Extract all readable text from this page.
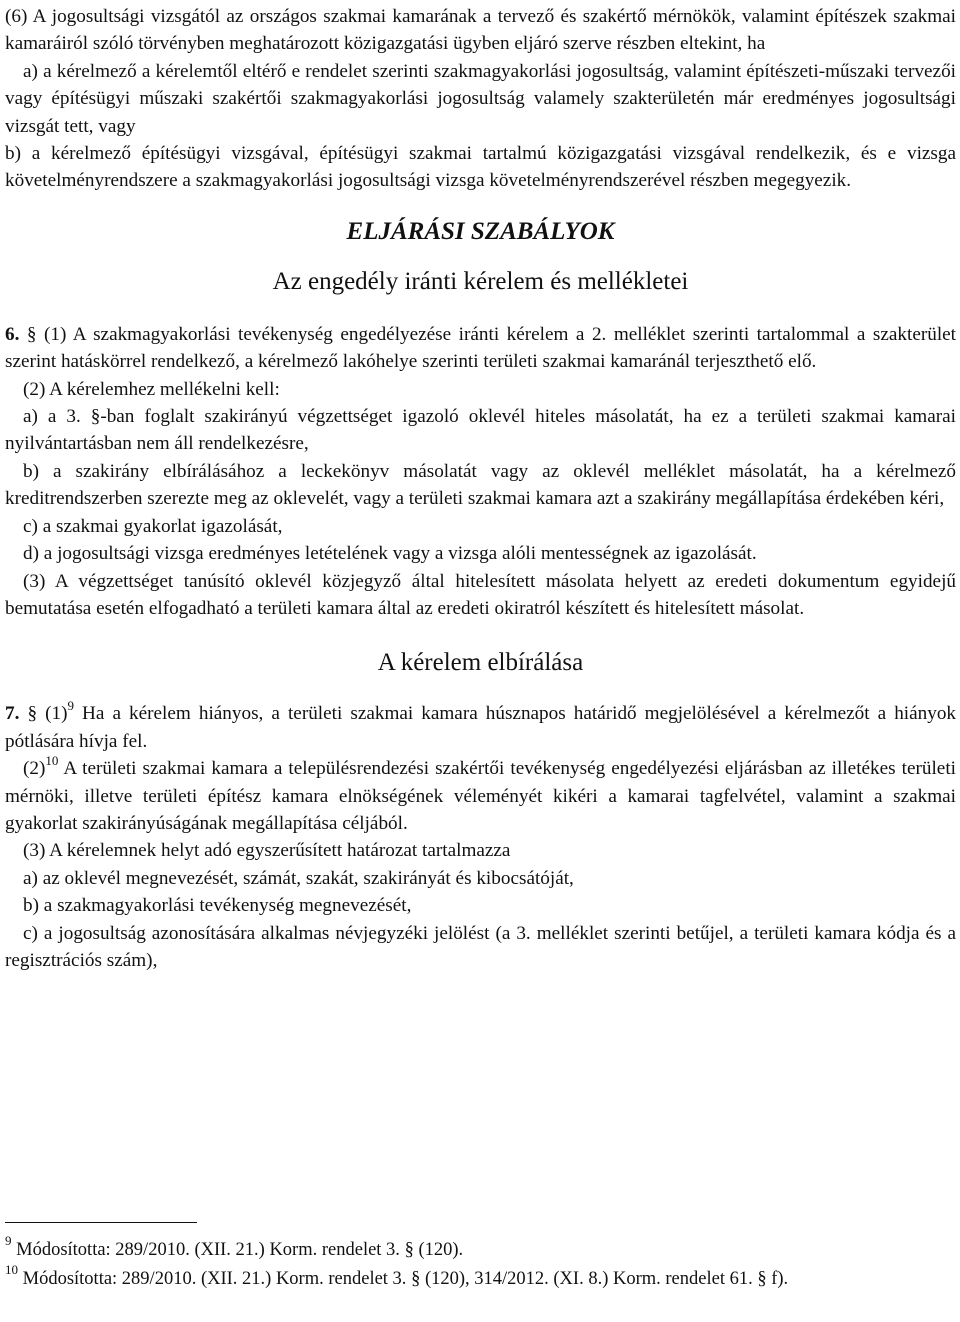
(6) A jogosultsági vizsgától az országos szakmai kamarának a tervező és szakértő mérnökök, valamint építészek szakmai kamaráiról szóló törvényben meghatározott közigazgatási ügyben eljáró szerve részben eltekint, ha
a) a kérelmező a kérelemtől eltérő e rendelet szerinti szakmagyakorlási jogosultság, valamint építészeti-műszaki tervezői vagy építésügyi műszaki szakértői szakmagyakorlási jogosultság valamely szakterületén már eredményes jogosultsági vizsgát tett, vagy
b) a kérelmező építésügyi vizsgával, építésügyi szakmai tartalmú közigazgatási vizsgával rendelkezik, és e vizsga követelményrendszere a szakmagyakorlási jogosultsági vizsga követelményrendszerével részben megegyezik.
ELJÁRÁSI SZABÁLYOK
Az engedély iránti kérelem és mellékletei
6. § (1) A szakmagyakorlási tevékenység engedélyezése iránti kérelem a 2. melléklet szerinti tartalommal a szakterület szerint hatáskörrel rendelkező, a kérelmező lakóhelye szerinti területi szakmai kamaránál terjeszthető elő.
(2) A kérelemhez mellékelni kell:
a) a 3. §-ban foglalt szakirányú végzettséget igazoló oklevél hiteles másolatát, ha ez a területi szakmai kamarai nyilvántartásban nem áll rendelkezésre,
b) a szakirány elbírálásához a leckekönyv másolatát vagy az oklevél melléklet másolatát, ha a kérelmező kreditrendszerben szerezte meg az oklevelét, vagy a területi szakmai kamara azt a szakirány megállapítása érdekében kéri,
c) a szakmai gyakorlat igazolását,
d) a jogosultsági vizsga eredményes letételének vagy a vizsga alóli mentességnek az igazolását.
(3) A végzettséget tanúsító oklevél közjegyző által hitelesített másolata helyett az eredeti dokumentum egyidejű bemutatása esetén elfogadható a területi kamara által az eredeti okiratról készített és hitelesített másolat.
A kérelem elbírálása
7. § $(1)^9$ Ha a kérelem hiányos, a területi szakmai kamara húsznapos határidő megjelölésével a kérelmezőt a hiányok pótlására hívja fel.
$(2)^{10}$ A területi szakmai kamara a településrendezési szakértői tevékenység engedélyezési eljárásban az illetékes területi mérnöki, illetve területi építész kamara elnökségének véleményét kikéri a kamarai tagfelvétel, valamint a szakmai gyakorlat szakirányúságának megállapítása céljából.
(3) A kérelemnek helyt adó egyszerűsített határozat tartalmazza
a) az oklevél megnevezését, számát, szakát, szakirányát és kibocsátóját,
b) a szakmagyakorlási tevékenység megnevezését,
c) a jogosultság azonosítására alkalmas névjegyzéki jelölést (a 3. melléklet szerinti betűjel, a területi kamara kódja és a regisztrációs szám),
$^9$ Módosította: 289/2010. (XII. 21.) Korm. rendelet 3. § (120).
$^{10}$ Módosította: 289/2010. (XII. 21.) Korm. rendelet 3. § (120), 314/2012. (XI. 8.) Korm. rendelet 61. § f).
